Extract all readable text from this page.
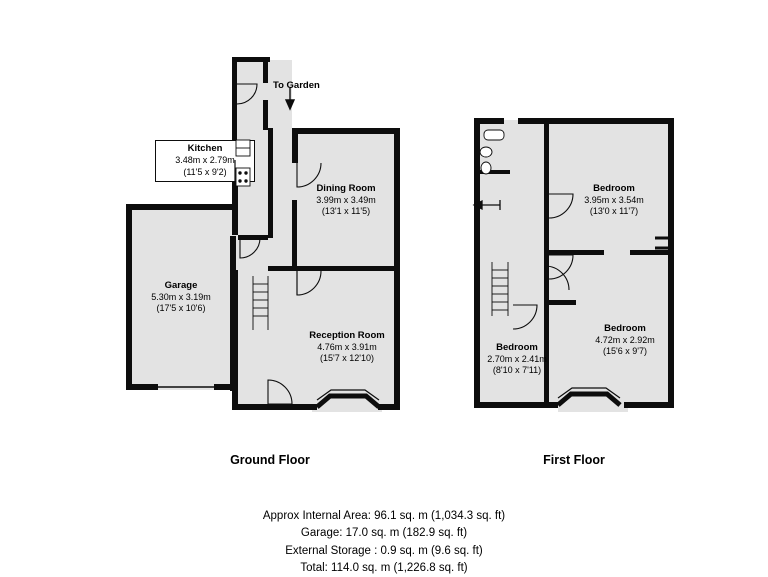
Kitchen
3.48m x 2.79m
(11'5 x 9'2)
Dining Room
3.99m x 3.49m
(13'1 x 11'5)
Garage
5.30m x 3.19m
(17'5 x 10'6)
Reception Room
4.76m x 3.91m
(15'7 x 12'10)
To Garden
Ground Floor
Bedroom
3.95m x 3.54m
(13'0 x 11'7)
Bedroom
4.72m x 2.92m
(15'6 x 9'7)
Bedroom
2.70m x 2.41m
(8'10 x 7'11)
First Floor
Approx Internal Area: 96.1 sq. m (1,034.3 sq. ft)
Garage: 17.0 sq. m (182.9 sq. ft)
External Storage : 0.9 sq. m (9.6 sq. ft)
Total: 114.0 sq. m (1,226.8 sq. ft)
